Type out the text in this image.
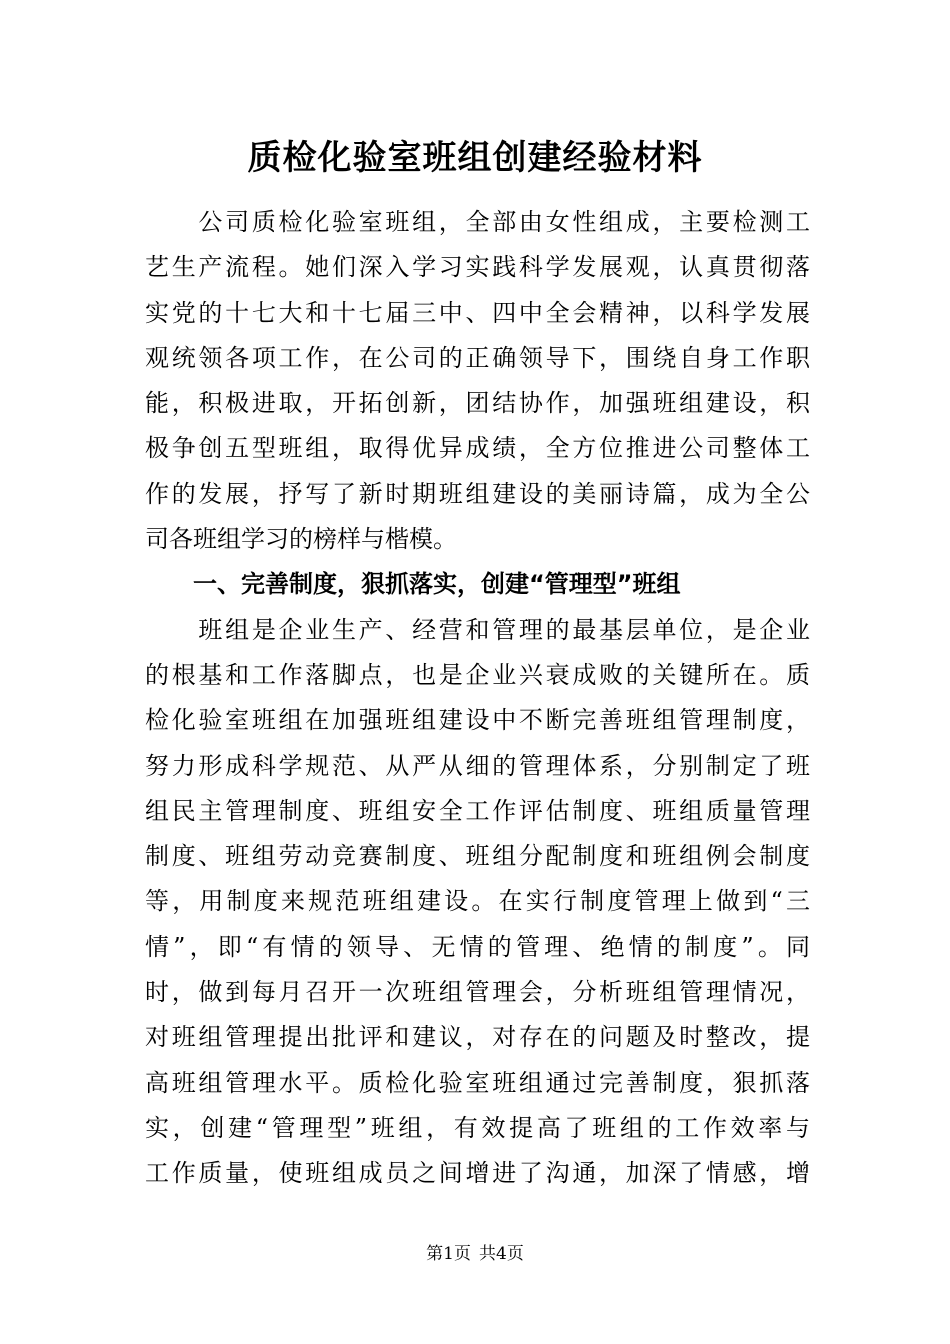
质检化验室班组创建经验材料
　　公司质检化验室班组，全部由女性组成，主要检测工
艺生产流程。她们深入学习实践科学发展观，认真贯彻落
实党的十七大和十七届三中、四中全会精神，以科学发展
观统领各项工作，在公司的正确领导下，围绕自身工作职
能，积极进取，开拓创新，团结协作，加强班组建设，积
极争创五型班组，取得优异成绩，全方位推进公司整体工
作的发展，抒写了新时期班组建设的美丽诗篇，成为全公
司各班组学习的榜样与楷模。
一、完善制度，狠抓落实，创建“管理型”班组
　　班组是企业生产、经营和管理的最基层单位，是企业
的根基和工作落脚点，也是企业兴衰成败的关键所在。质
检化验室班组在加强班组建设中不断完善班组管理制度，
努力形成科学规范、从严从细的管理体系，分别制定了班
组民主管理制度、班组安全工作评估制度、班组质量管理
制度、班组劳动竞赛制度、班组分配制度和班组例会制度
等，用制度来规范班组建设。在实行制度管理上做到“三
情”，即“有情的领导、无情的管理、绝情的制度”。同
时，做到每月召开一次班组管理会，分析班组管理情况，
对班组管理提出批评和建议，对存在的问题及时整改，提
高班组管理水平。质检化验室班组通过完善制度，狠抓落
实，创建“管理型”班组，有效提高了班组的工作效率与
工作质量，使班组成员之间增进了沟通，加深了情感，增
第1页 共4页
